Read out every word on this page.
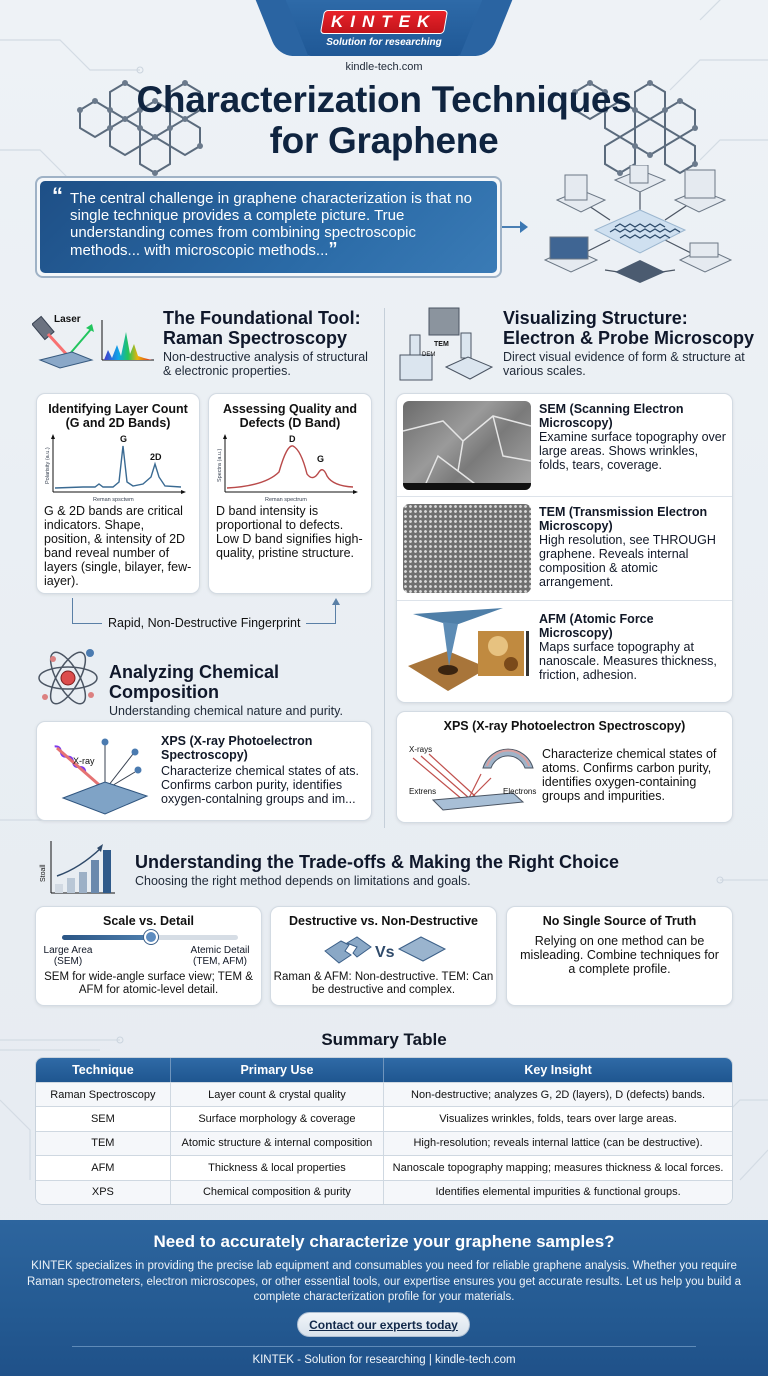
KINTEK
Solution for researching
kindle-tech.com
Characterization Techniques
for Graphene
“ The central challenge in graphene characterization is that no single technique provides a complete picture. True understanding comes from combining spectroscopic methods... with microscopic methods...”
Laser	The Foundational Tool:
Raman Spectroscopy
Non-destructive analysis of structural & electronic properties.
Identifying Layer Count (G and 2D Bands)
G
2D
Reman spsctwm
Polarisity (a.u.)
G & 2D bands are critical indicators. Shape, position, & intensity of 2D band reveal number of layers (single, bilayer, few-iayer).
Assessing Quality and Defects (D Band)
D
G
Reman spectrum
Spectra (a.u.)
D band intensity is proportional to defects. Low D band signifies high-quality, pristine structure.
Rapid, Non-Destructive Fingerprint
Analyzing Chemical Composition
Understanding chemical nature and purity.
X-ray
XPS (X-ray Photoelectron Spectroscopy)
Characterize chemical states of ats. Confirms carbon purity, identifies oxygen-contalning groups and im...
TEM
DEM
Visualizing Structure:
Electron & Probe Microscopy
Direct visual evidence of form & structure at various scales.
SEM (Scanning Electron Microscopy)
Examine surface topography over large areas. Shows wrinkles, folds, tears, coverage.
TEM (Transmission Electron Microscopy)
High resolution, see THROUGH graphene. Reveals internal composition & atomic arrangement.
AFM (Atomic Force Microscopy)
Maps surface topography at nanoscale. Measures thickness, friction, adhesion.
XPS (X-ray Photoelectron Spectroscopy)
X-rays
Extrens	Electrons
Characterize chemical states of atoms. Confirms carbon purity, identifies oxygen-containing groups and impurities.
Stoall
Understanding the Trade-offs & Making the Right Choice
Choosing the right method depends on limitations and goals.
Scale vs. Detail
Large Area (SEM)
Atemic Detail (TEM, AFM)
SEM for wide-angle surface view; TEM & AFM for atomic-level detail.
Destructive vs. Non-Destructive
Vs
Raman & AFM: Non-destructive. TEM: Can be destructive and complex.
No Single Source of Truth
Relying on one method can be misleading. Combine techniques for a complete profile.
Summary Table
Technique	Primary Use	Key Insight
Raman Spectroscopy	Layer count & crystal quality	Non-destructive; analyzes G, 2D (layers), D (defects) bands.
SEM	Surface morphology & coverage	Visualizes wrinkles, folds, tears over large areas.
TEM	Atomic structure & internal composition	High-resolution; reveals internal lattice (can be destructive).
AFM	Thickness & local properties	Nanoscale topography mapping; measures thickness & local forces.
XPS	Chemical composition & purity	Identifies elemental impurities & functional groups.
Need to accurately characterize your graphene samples?
KINTEK specializes in providing the precise lab equipment and consumables you need for reliable graphene analysis. Whether you require Raman spectrometers, electron microscopes, or other essential tools, our expertise ensures you get accurate results. Let us help you build a complete characterization profile for your materials.
Contact our experts today
KINTEK - Solution for researching | kindle-tech.com
